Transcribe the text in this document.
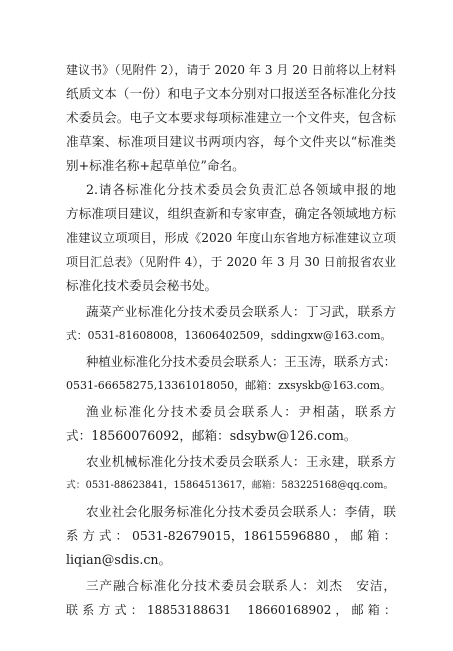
建议书》（见附件 2），请于 2020 年 3 月 20 日前将以上材料
纸质文本（一份）和电子文本分别对口报送至各标准化分技
术委员会。电子文本要求每项标准建立一个文件夹，包含标
准草案、标准项目建议书两项内容，每个文件夹以“标准类
别+标准名称+起草单位”命名。
2.请各标准化分技术委员会负责汇总各领域申报的地
方标准项目建议，组织查新和专家审查，确定各领域地方标
准建议立项项目，形成《2020 年度山东省地方标准建议立项
项目汇总表》（见附件 4），于 2020 年 3 月 30 日前报省农业
标准化技术委员会秘书处。
蔬菜产业标准化分技术委员会联系人：丁习武，联系方
式：0531-81608008，13606402509，sddingxw@163.com。
种植业标准化分技术委员会联系人：王玉涛，联系方式：
0531-66658275,13361018050，邮箱：zxsyskb@163.com。
渔业标准化分技术委员会联系人：尹相菡，联系方
式：18560076092，邮箱：sdsybw@126.com。
农业机械标准化分技术委员会联系人：王永建，联系方
式：0531-88623841，15864513617，邮箱：583225168@qq.com。
农业社会化服务标准化分技术委员会联系人：李倩，联
系 方 式 ： 0531-82679015，18615596880 ， 邮 箱 ：
liqian@sdis.cn。
三产融合标准化分技术委员会联系人：刘杰　安洁，
联 系 方 式 ： 18853188631　 18660168902 ， 邮 箱 ：
